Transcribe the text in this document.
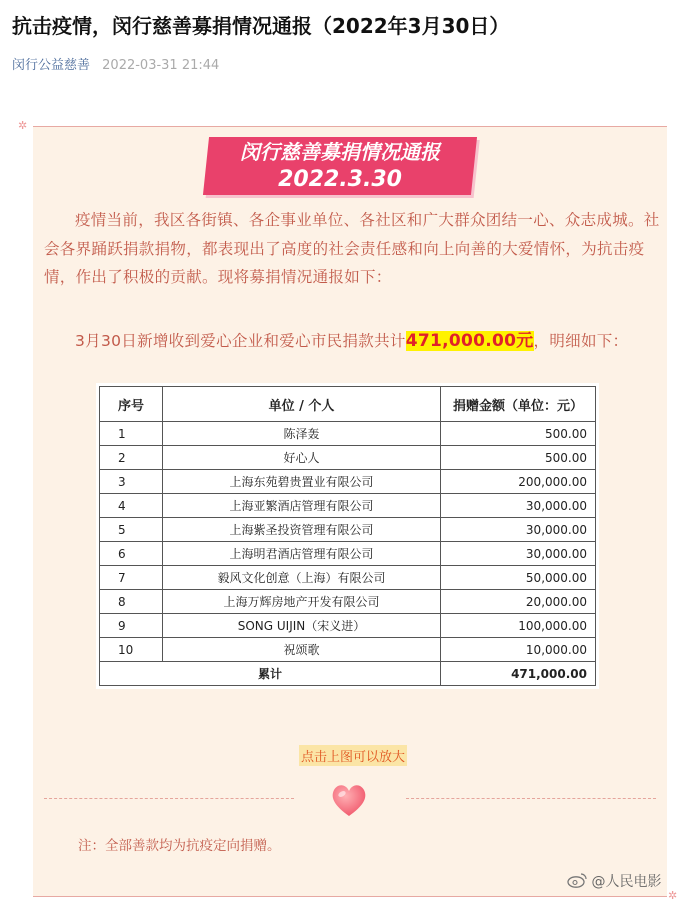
抗击疫情，闵行慈善募捐情况通报（2022年3月30日）
闵行公益慈善 2022-03-31 21:44
✲
✲
闵行慈善募捐情况通报
2022.3.30
疫情当前，我区各街镇、各企事业单位、各社区和广大群众团结一心、众志成城。社会各界踊跃捐款捐物，都表现出了高度的社会责任感和向上向善的大爱情怀，为抗击疫情，作出了积极的贡献。现将募捐情况通报如下：
3月30日新增收到爱心企业和爱心市民捐款共计471,000.00元，明细如下：
序号	单位 / 个人	捐赠金额（单位：元）
1	陈泽轰	500.00
2	好心人	500.00
3	上海东苑碧贵置业有限公司	200,000.00
4	上海亚繁酒店管理有限公司	30,000.00
5	上海紫圣投资管理有限公司	30,000.00
6	上海明君酒店管理有限公司	30,000.00
7	毅风文化创意（上海）有限公司	50,000.00
8	上海万辉房地产开发有限公司	20,000.00
9	SONG UIJIN（宋义进）	100,000.00
10	祝颂歌	10,000.00
累计		471,000.00
点击上图可以放大
注：全部善款均为抗疫定向捐赠。
@人民电影
